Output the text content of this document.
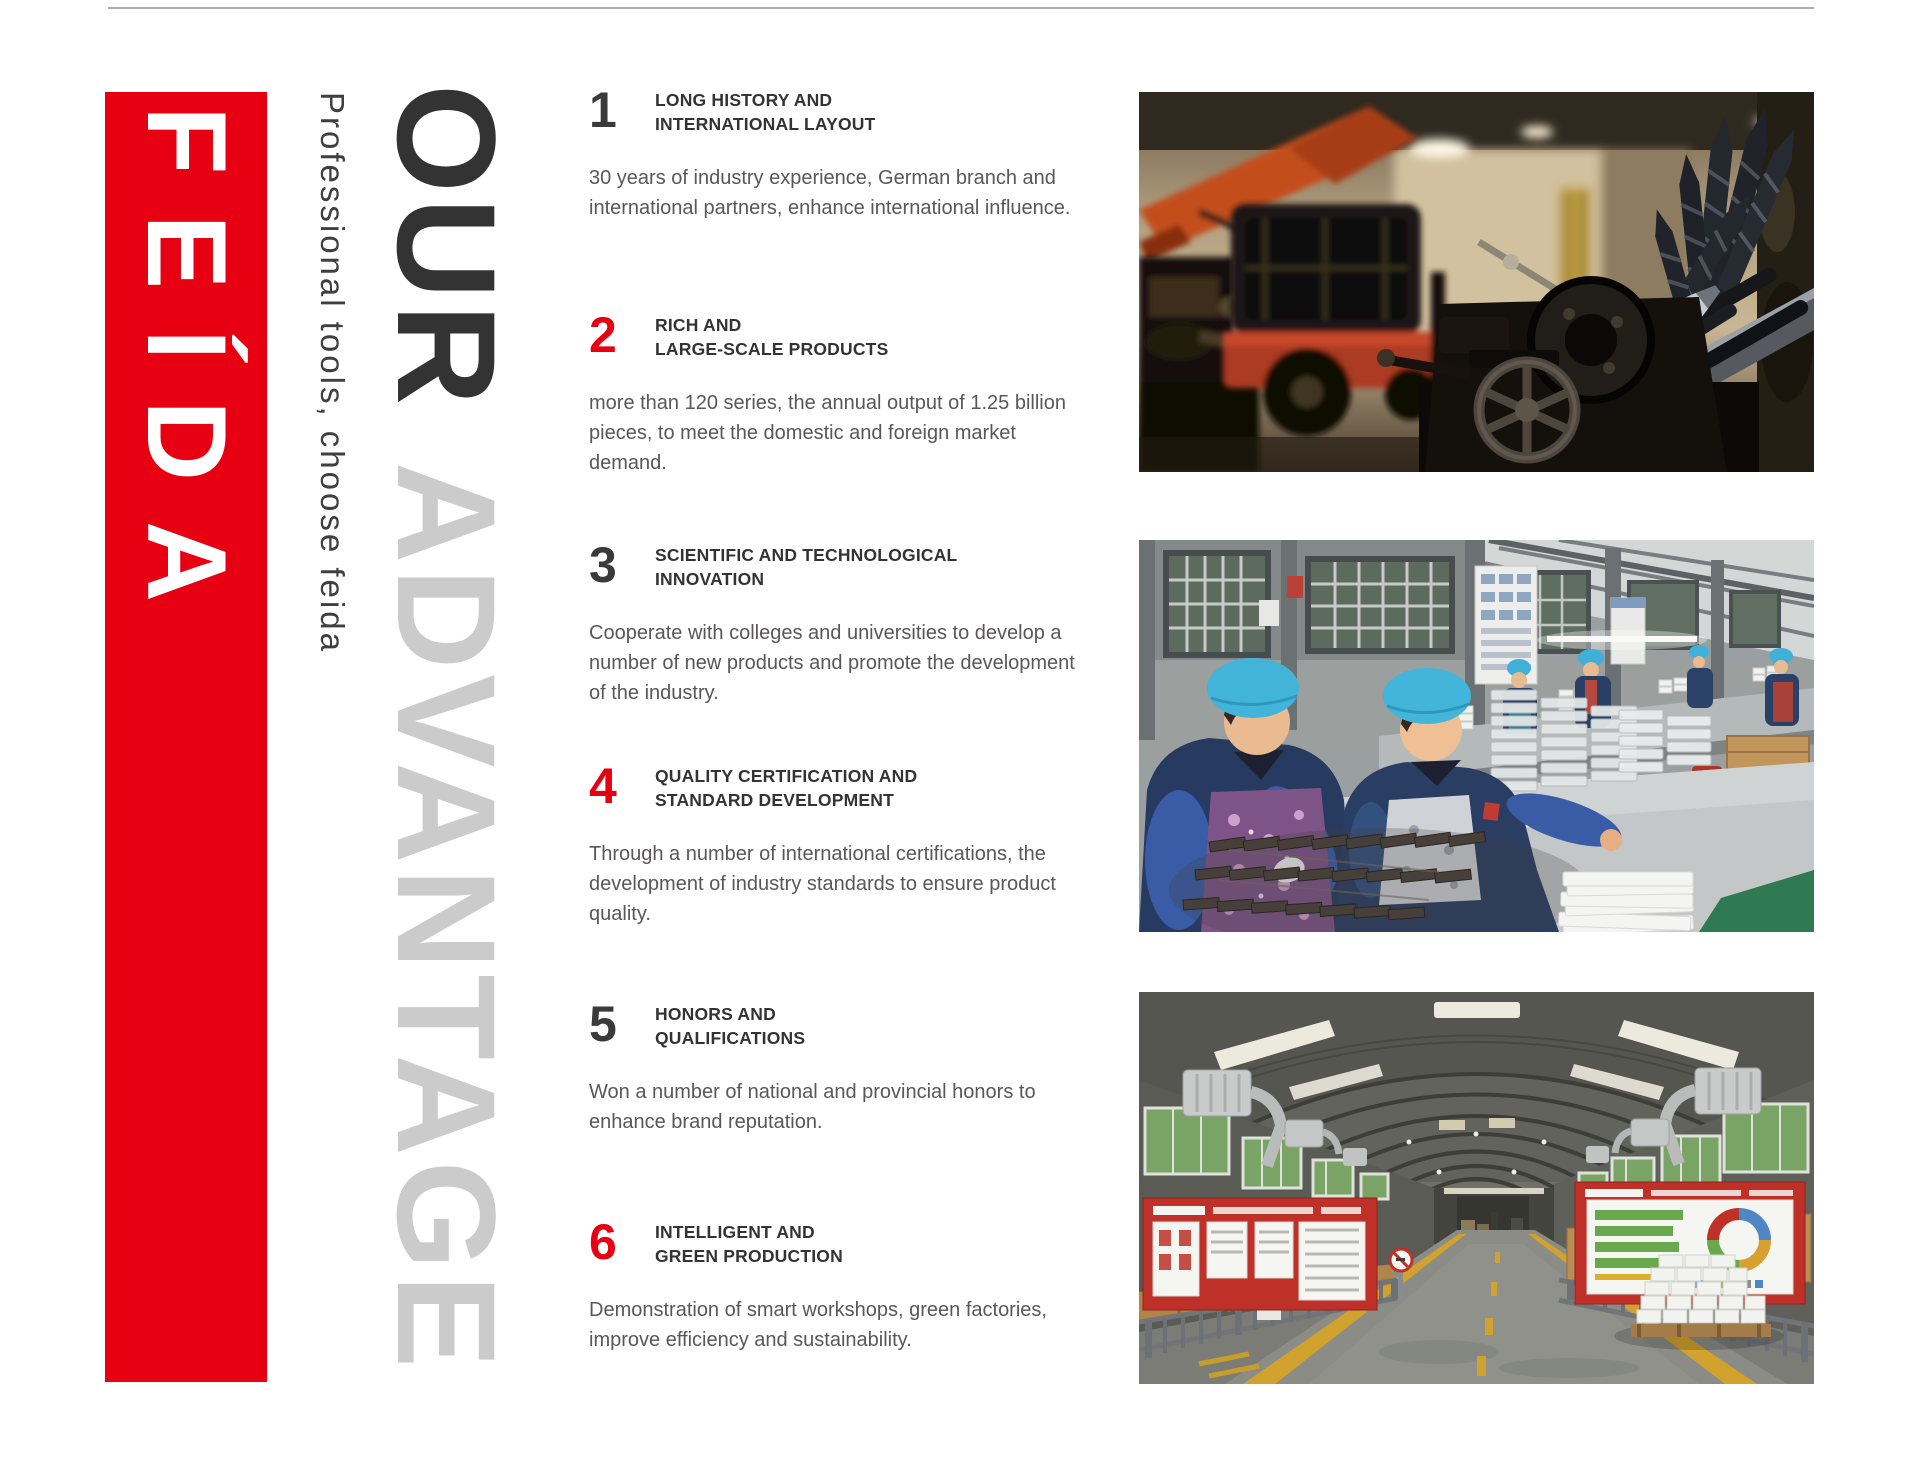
FEÍDA Professional tools, choose feida OURADVANTAGE
1	LONG HISTORY AND
INTERNATIONAL LAYOUT

30 years of industry experience, German branch and international partners, enhance international influence.

2	RICH AND
LARGE-SCALE PRODUCTS

more than 120 series, the annual output of 1.25 billion pieces, to meet the domestic and foreign market demand.

3	SCIENTIFIC AND TECHNOLOGICAL
INNOVATION

Cooperate with colleges and universities to develop a number of new products and promote the development of the industry.

4	QUALITY CERTIFICATION AND
STANDARD DEVELOPMENT

Through a number of international certifications, the development of industry standards to ensure product quality.

5	HONORS AND
QUALIFICATIONS

Won a number of national and provincial honors to enhance brand reputation.

6	INTELLIGENT AND
GREEN PRODUCTION

Demonstration of smart workshops, green factories, improve efficiency and sustainability.
